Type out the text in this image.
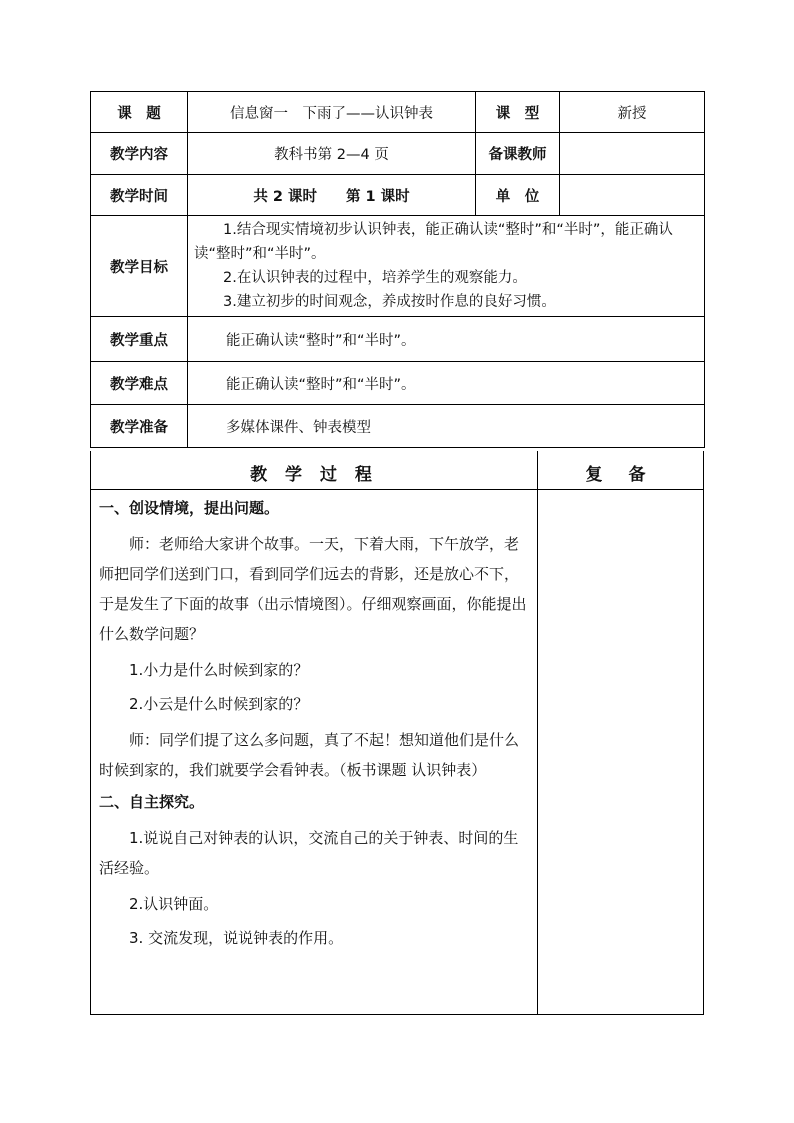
课　题	信息窗一　下雨了——认识钟表	课　型	新授
教学内容	教科书第 2—4 页	备课教师	
教学时间	共 2 课时　　第 1 课时	单　位	
教学目标	1.结合现实情境初步认识钟表，能正确认读“整时”和“半时”，能正确认读“整时”和“半时”。

2.在认识钟表的过程中，培养学生的观察能力。

3.建立初步的时间观念，养成按时作息的良好习惯。		

教学重点	能正确认读“整时”和“半时”。		
教学难点	能正确认读“整时”和“半时”。		
教学准备	多媒体课件、钟表模型		
教 学 过 程	复 备

一、创设情境，提出问题。

师：老师给大家讲个故事。一天，下着大雨，下午放学，老师把同学们送到门口，看到同学们远去的背影，还是放心不下，于是发生了下面的故事（出示情境图）。仔细观察画面，你能提出什么数学问题？

1.小力是什么时候到家的？

2.小云是什么时候到家的？

师：同学们提了这么多问题，真了不起！想知道他们是什么时候到家的，我们就要学会看钟表。（板书课题 认识钟表）

二、自主探究。

1.说说自己对钟表的认识，交流自己的关于钟表、时间的生活经验。

2.认识钟面。

3. 交流发现，说说钟表的作用。
